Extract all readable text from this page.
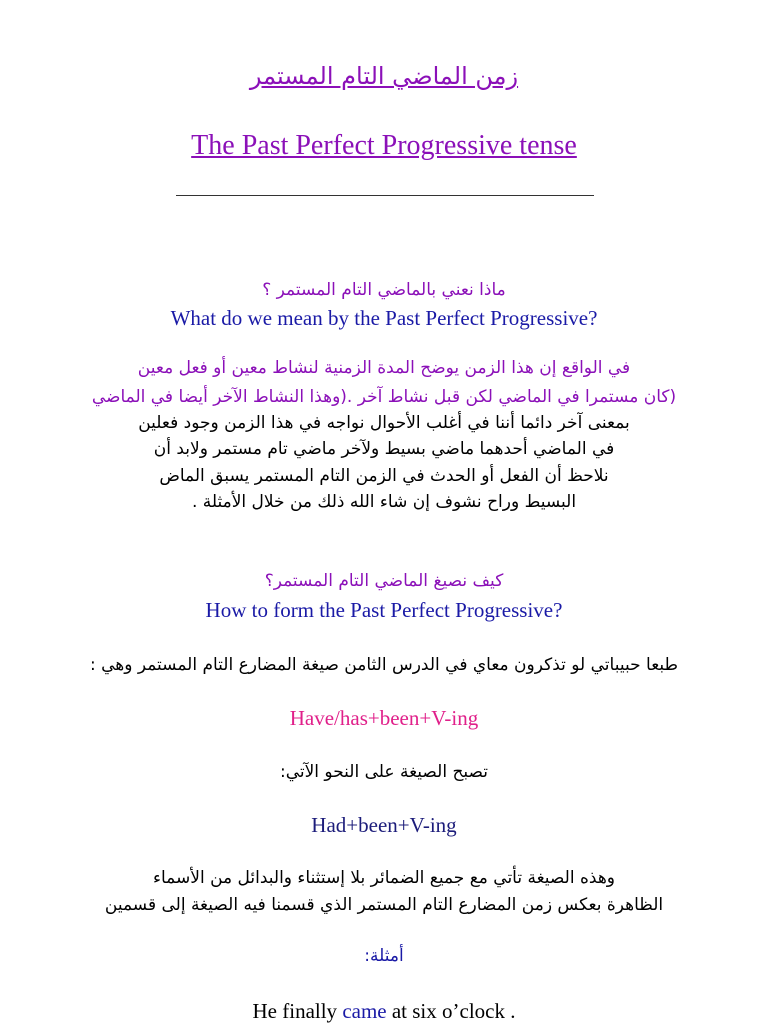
زمن الماضي التام المستمر
The Past Perfect Progressive tense
ماذا نعني بالماضي التام المستمر ؟
What do we mean by the Past Perfect Progressive?
في الواقع إن هذا الزمن يوضح المدة الزمنية لنشاط معين أو فعل معين
(كان مستمرا في الماضي لكن قبل نشاط آخر .(وهذا النشاط الآخر أيضا في الماضي
بمعنى آخر دائما أننا في أغلب الأحوال نواجه في هذا الزمن وجود فعلين
في الماضي أحدهما ماضي بسيط ولآخر ماضي تام مستمر ولابد أن
نلاحظ أن الفعل أو الحدث في الزمن التام المستمر يسبق الماض
البسيط وراح نشوف إن شاء الله ذلك من خلال الأمثلة .
كيف نصيغ الماضي التام المستمر؟
How to form the Past Perfect Progressive?
طبعا حبيباتي لو تذكرون معاي في الدرس الثامن صيغة المضارع التام المستمر وهي :
Have/has+been+V-ing
تصبح الصيغة على النحو الآتي:
Had+been+V-ing
وهذه الصيغة تأتي مع جميع الضمائر بلا إستثناء والبدائل من الأسماء
الظاهرة بعكس زمن المضارع التام المستمر الذي قسمنا فيه الصيغة إلى قسمين
أمثلة:
He finally came at six o’clock .
